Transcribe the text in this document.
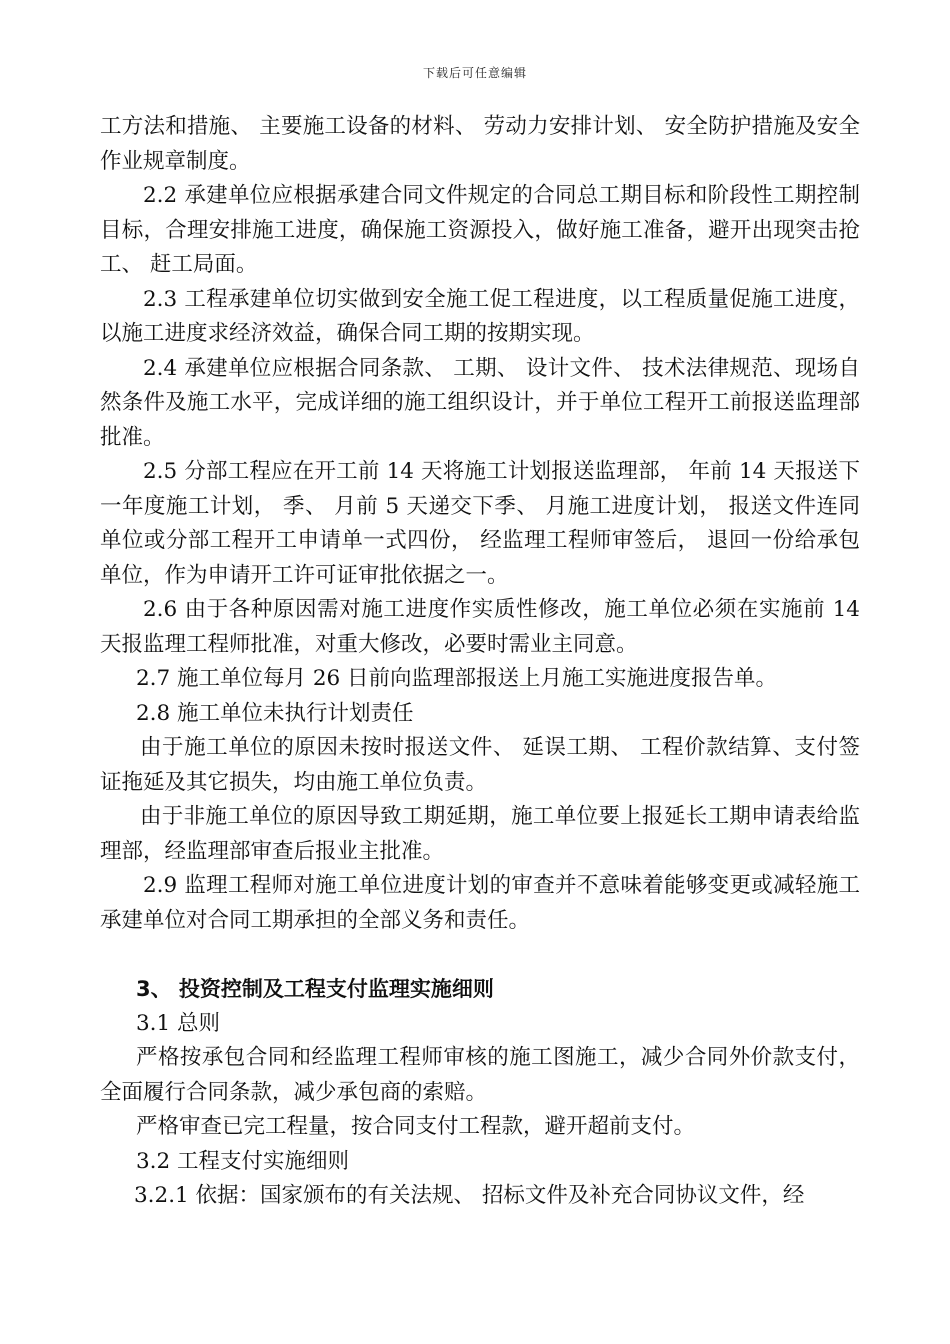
下载后可任意编辑

工方法和措施、 主要施工设备的材料、 劳动力安排计划、 安全防护措施及安全作业规章制度。

2.2 承建单位应根据承建合同文件规定的合同总工期目标和阶段性工期控制目标，合理安排施工进度，确保施工资源投入，做好施工准备，避开出现突击抢工、 赶工局面。

2.3 工程承建单位切实做到安全施工促工程进度，以工程质量促施工进度，以施工进度求经济效益，确保合同工期的按期实现。

2.4 承建单位应根据合同条款、 工期、 设计文件、 技术法律规范、现场自然条件及施工水平，完成详细的施工组织设计，并于单位工程开工前报送监理部批准。

2.5 分部工程应在开工前 14 天将施工计划报送监理部， 年前 14 天报送下一年度施工计划， 季、 月前 5 天递交下季、 月施工进度计划， 报送文件连同单位或分部工程开工申请单一式四份， 经监理工程师审签后， 退回一份给承包单位，作为申请开工许可证审批依据之一。

2.6 由于各种原因需对施工进度作实质性修改，施工单位必须在实施前 14 天报监理工程师批准，对重大修改，必要时需业主同意。

2.7 施工单位每月 26 日前向监理部报送上月施工实施进度报告单。

2.8 施工单位未执行计划责任

由于施工单位的原因未按时报送文件、 延误工期、 工程价款结算、支付签证拖延及其它损失，均由施工单位负责。

由于非施工单位的原因导致工期延期，施工单位要上报延长工期申请表给监理部，经监理部审查后报业主批准。

2.9 监理工程师对施工单位进度计划的审查并不意味着能够变更或减轻施工承建单位对合同工期承担的全部义务和责任。

3、 投资控制及工程支付监理实施细则

3.1 总则

严格按承包合同和经监理工程师审核的施工图施工，减少合同外价款支付，全面履行合同条款，减少承包商的索赔。

严格审查已完工程量，按合同支付工程款，避开超前支付。

3.2 工程支付实施细则

3.2.1 依据：国家颁布的有关法规、 招标文件及补充合同协议文件，经
